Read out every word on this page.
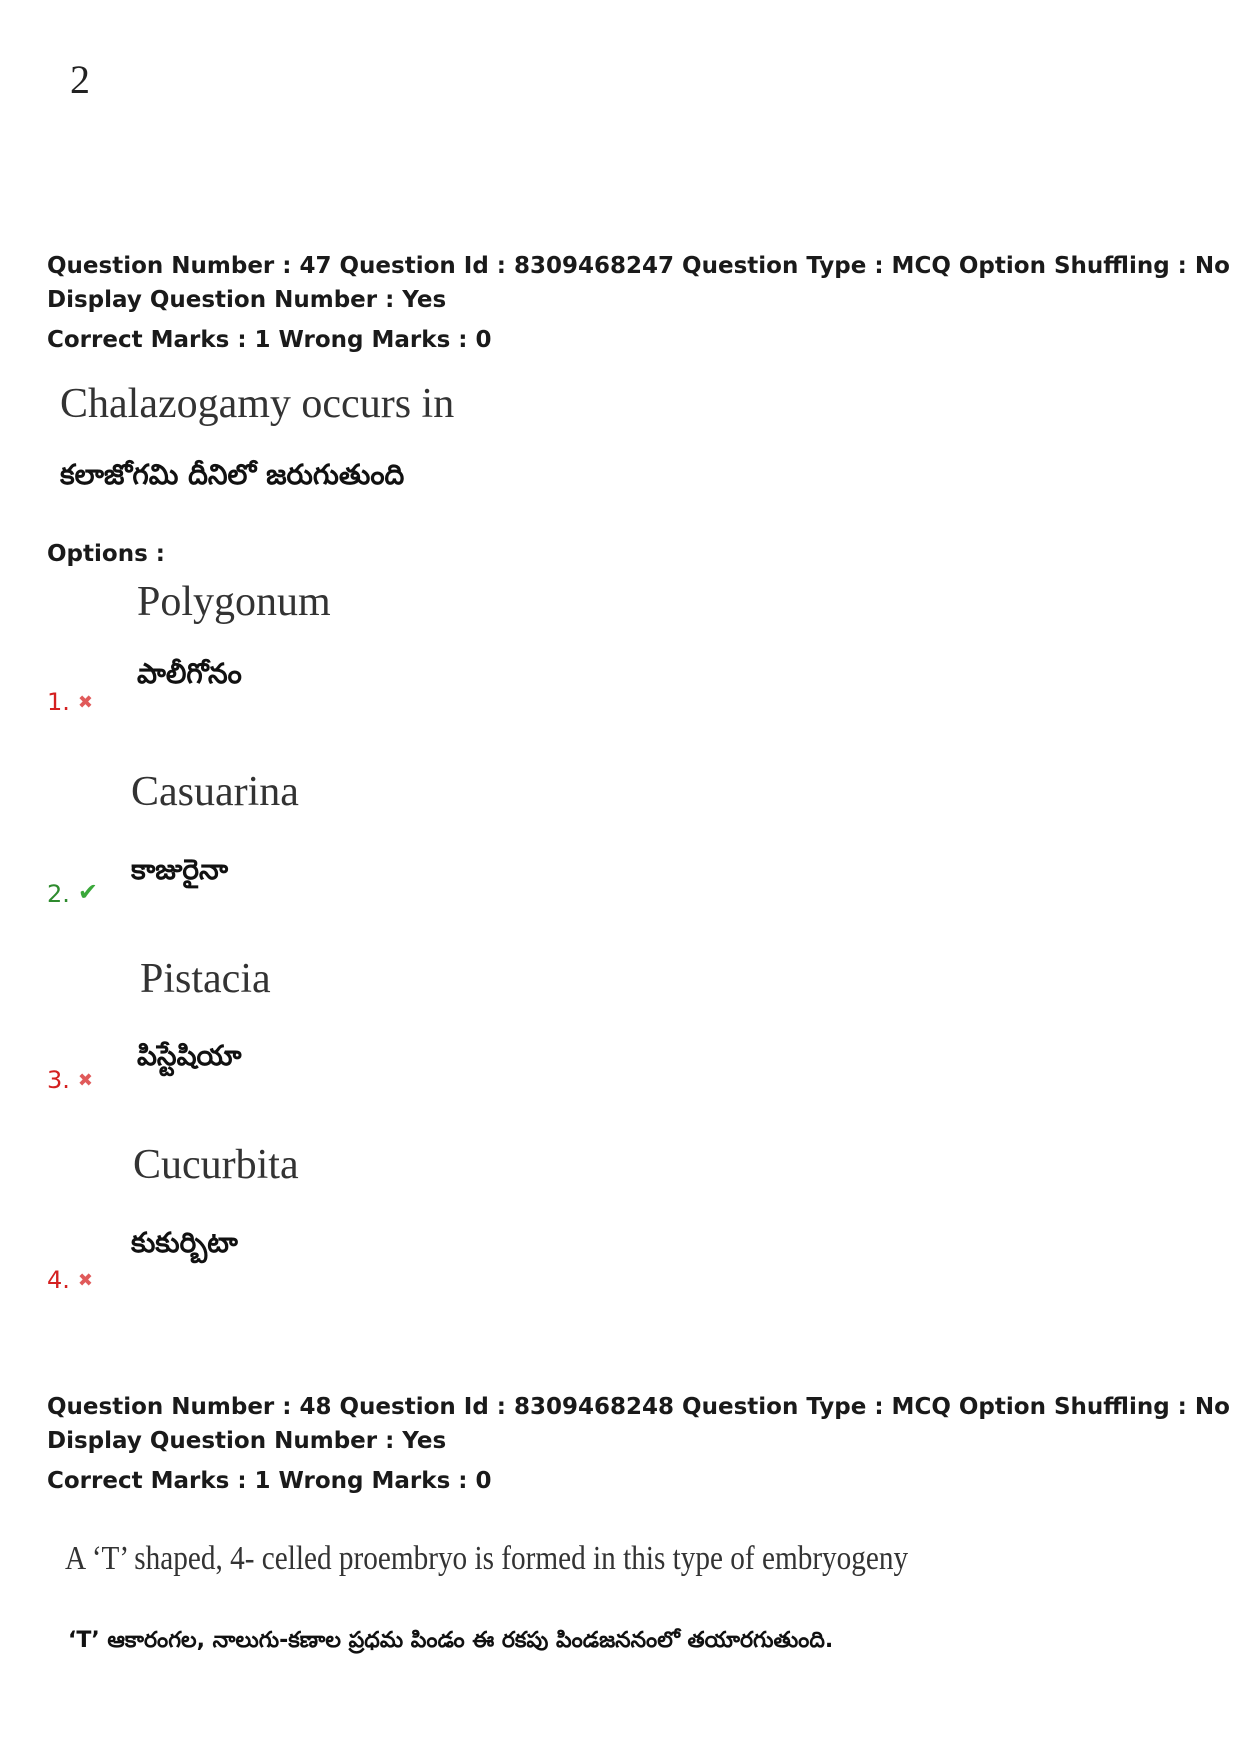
2
Question Number : 47 Question Id : 8309468247 Question Type : MCQ Option Shuffling : No
Display Question Number : Yes
Correct Marks : 1 Wrong Marks : 0
Chalazogamy occurs in
కలాజోగమి దీనిలో జరుగుతుంది
Options :
Polygonum
పాలీగోనం
1. ✖
Casuarina
కాజురైనా
2. ✔
Pistacia
పిస్టేషియా
3. ✖
Cucurbita
కుకుర్బిటా
4. ✖
Question Number : 48 Question Id : 8309468248 Question Type : MCQ Option Shuffling : No
Display Question Number : Yes
Correct Marks : 1 Wrong Marks : 0
A ‘T’ shaped, 4- celled proembryo is formed in this type of embryogeny
‘T’ ఆకారంగల, నాలుగు-కణాల ప్రధమ పిండం ఈ రకపు పిండజననంలో తయారగుతుంది.
